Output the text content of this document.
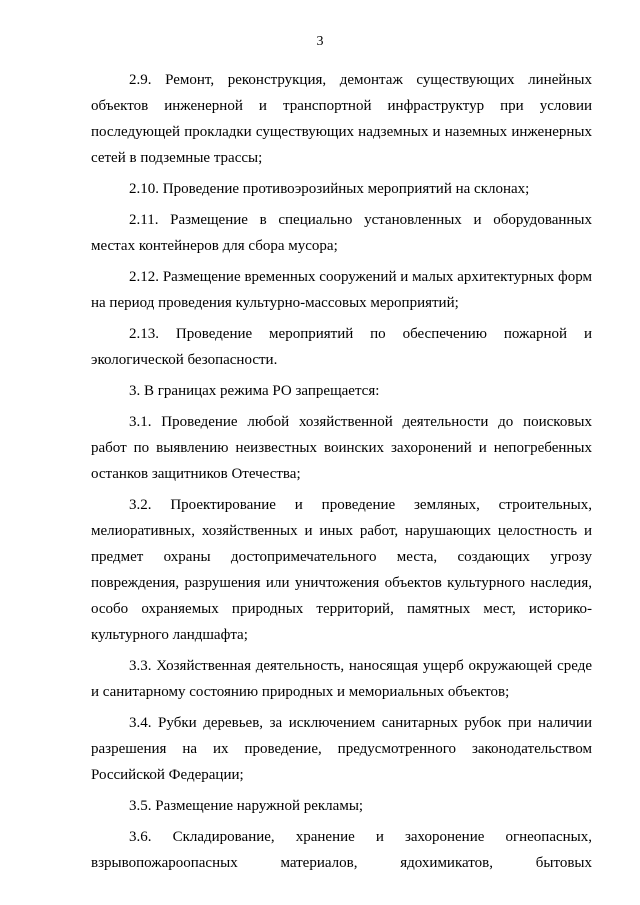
3

2.9. Ремонт, реконструкция, демонтаж существующих линейных объектов инженерной и транспортной инфраструктур при условии последующей прокладки существующих надземных и наземных инженерных сетей в подземные трассы;

2.10. Проведение противоэрозийных мероприятий на склонах;

2.11. Размещение в специально установленных и оборудованных местах контейнеров для сбора мусора;

2.12. Размещение временных сооружений и малых архитектурных форм на период проведения культурно-массовых мероприятий;

2.13. Проведение мероприятий по обеспечению пожарной и экологической безопасности.

3. В границах режима РО запрещается:

3.1. Проведение любой хозяйственной деятельности до поисковых работ по выявлению неизвестных воинских захоронений и непогребенных останков защитников Отечества;

3.2. Проектирование и проведение земляных, строительных, мелиоративных, хозяйственных и иных работ, нарушающих целостность и предмет охраны достопримечательного места, создающих угрозу повреждения, разрушения или уничтожения объектов культурного наследия, особо охраняемых природных территорий, памятных мест, историко-культурного ландшафта;

3.3. Хозяйственная деятельность, наносящая ущерб окружающей среде и санитарному состоянию природных и мемориальных объектов;

3.4. Рубки деревьев, за исключением санитарных рубок при наличии разрешения на их проведение, предусмотренного законодательством Российской Федерации;

3.5. Размещение наружной рекламы;

3.6. Складирование, хранение и захоронение огнеопасных, взрывопожароопасных материалов, ядохимикатов, бытовых
